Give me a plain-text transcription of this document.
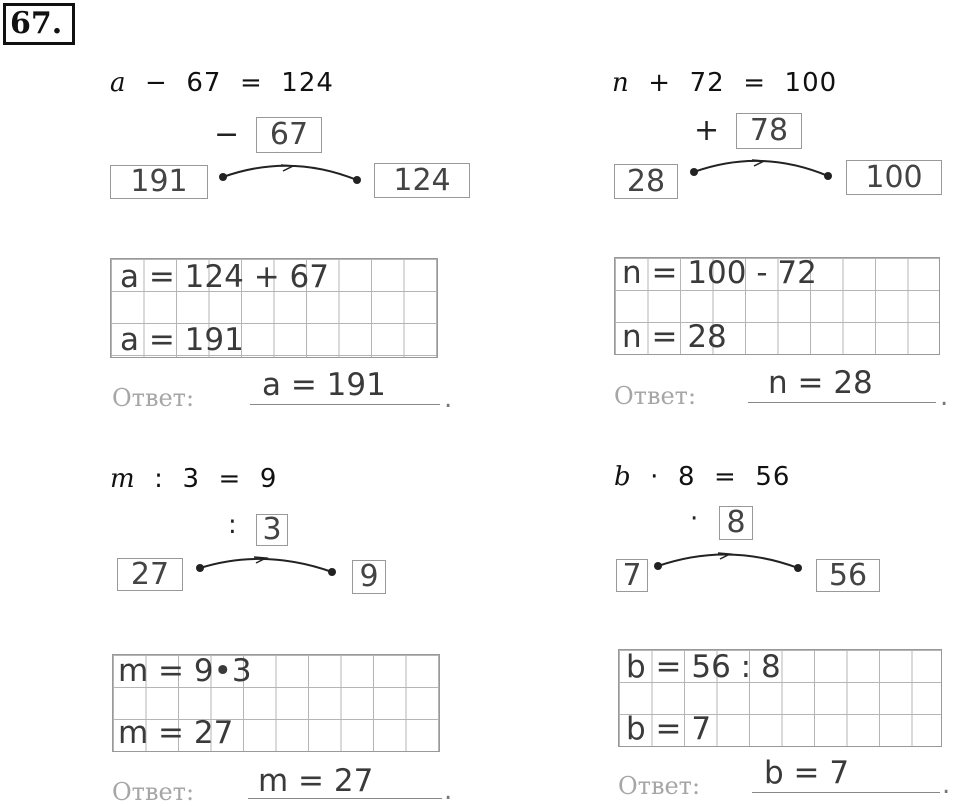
67.
a  −  67  =  124
−	67
191	124
a = 124 + 67
a = 191
Ответ: a = 191 .
n  +  72  =  100
+	78
28	100
n = 100 - 72
n = 28
Ответ: n = 28	.
m  :  3  =  9
: 3
27	9
m = 9•3
m = 27
Ответ: m = 27	.
b  ·  8  =  56
· 8
7	56
b = 56 : 8
b = 7
Ответ: b = 7	.
